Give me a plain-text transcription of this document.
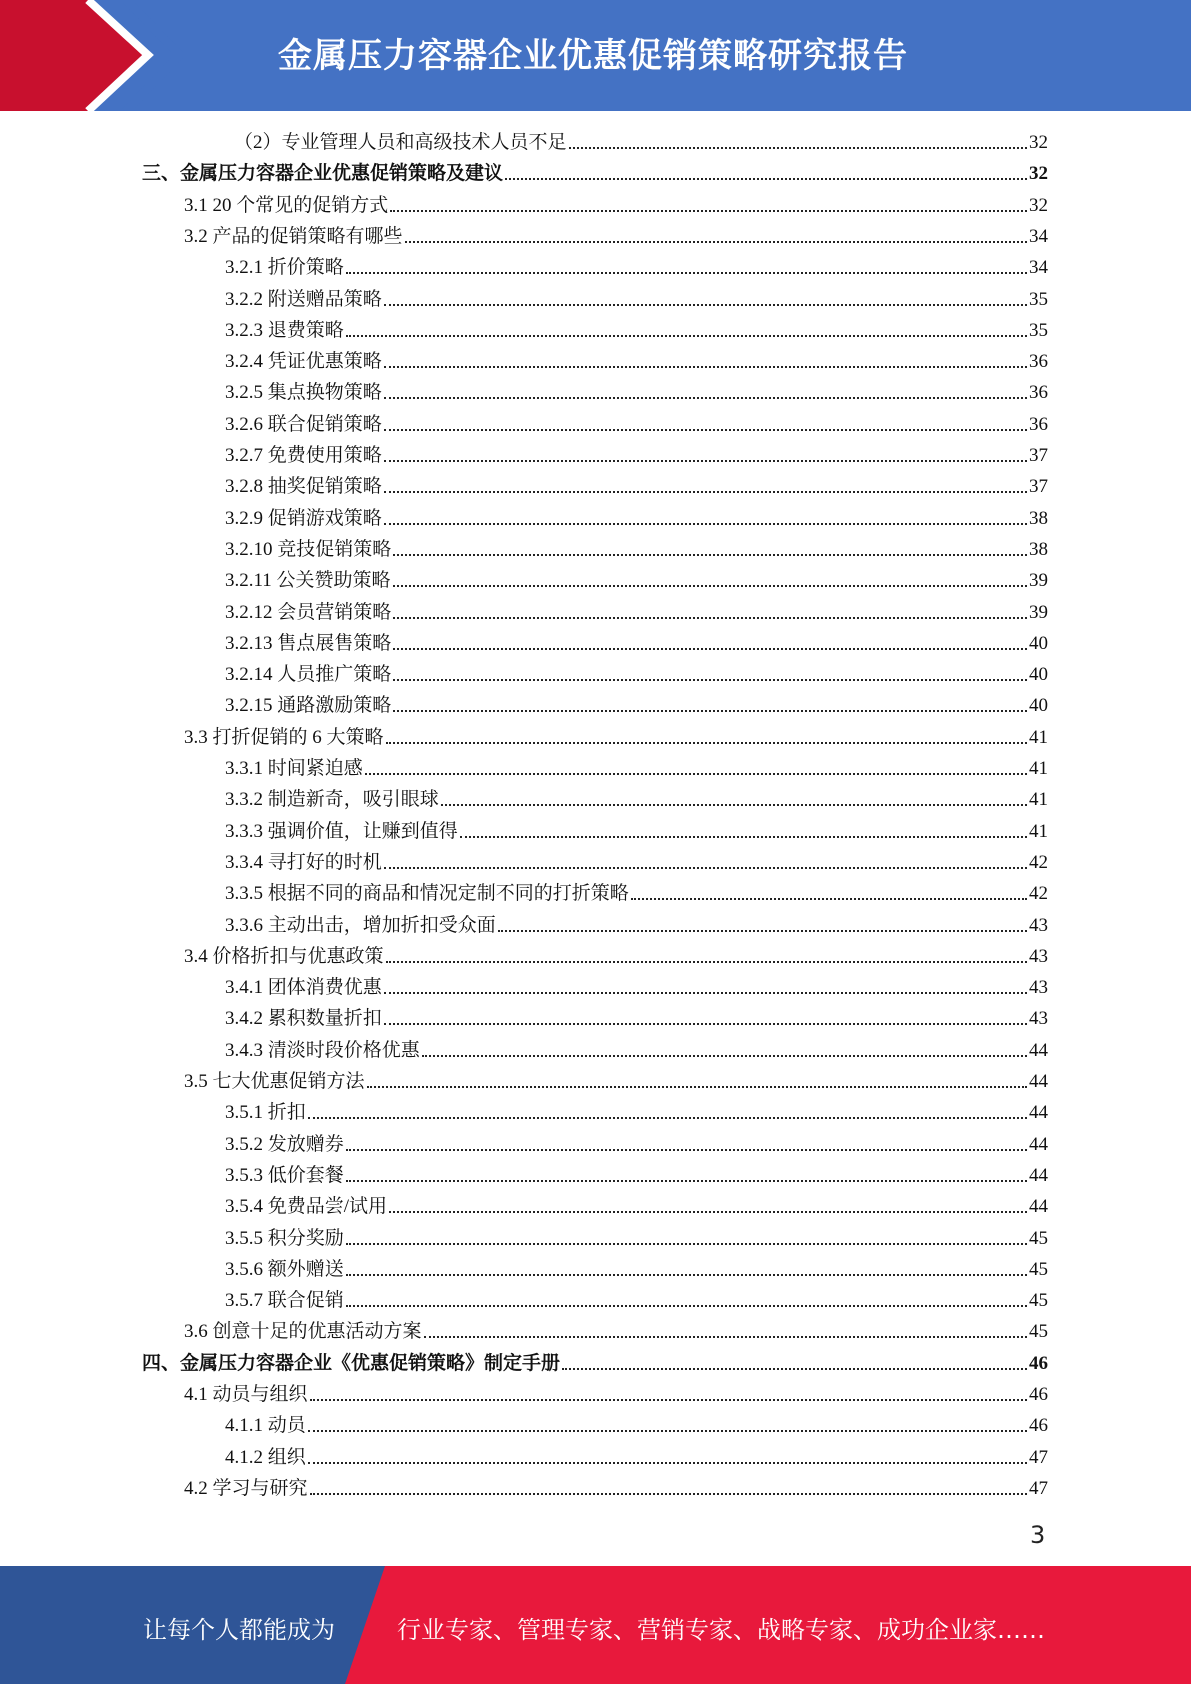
金属压力容器企业优惠促销策略研究报告
（2）专业管理人员和高级技术人员不足	32
三、金属压力容器企业优惠促销策略及建议	32
3.1 20 个常见的促销方式	32
3.2 产品的促销策略有哪些	34
3.2.1 折价策略	34
3.2.2 附送赠品策略	35
3.2.3 退费策略	35
3.2.4 凭证优惠策略	36
3.2.5 集点换物策略	36
3.2.6 联合促销策略	36
3.2.7 免费使用策略	37
3.2.8 抽奖促销策略	37
3.2.9 促销游戏策略	38
3.2.10 竞技促销策略	38
3.2.11 公关赞助策略	39
3.2.12 会员营销策略	39
3.2.13 售点展售策略	40
3.2.14 人员推广策略	40
3.2.15 通路激励策略	40
3.3 打折促销的 6 大策略	41
3.3.1 时间紧迫感	41
3.3.2 制造新奇，吸引眼球	41
3.3.3 强调价值，让赚到值得	41
3.3.4 寻打好的时机	42
3.3.5 根据不同的商品和情况定制不同的打折策略	42
3.3.6 主动出击，增加折扣受众面	43
3.4 价格折扣与优惠政策	43
3.4.1 团体消费优惠	43
3.4.2 累积数量折扣	43
3.4.3 清淡时段价格优惠	44
3.5 七大优惠促销方法	44
3.5.1 折扣	44
3.5.2 发放赠券	44
3.5.3 低价套餐	44
3.5.4 免费品尝/试用	44
3.5.5 积分奖励	45
3.5.6 额外赠送	45
3.5.7 联合促销	45
3.6 创意十足的优惠活动方案	45
四、金属压力容器企业《优惠促销策略》制定手册	46
4.1 动员与组织	46
4.1.1 动员	46
4.1.2 组织	47
4.2 学习与研究	47
3
让每个人都能成为	行业专家、管理专家、营销专家、战略专家、成功企业家……
